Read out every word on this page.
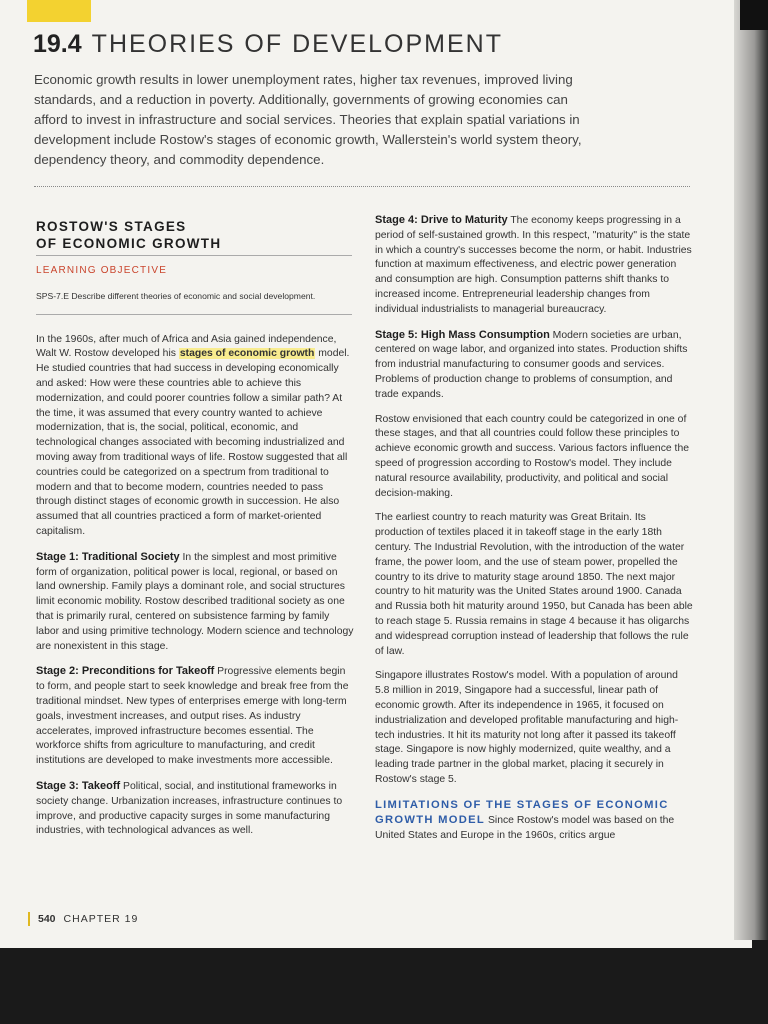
19.4 THEORIES OF DEVELOPMENT

Economic growth results in lower unemployment rates, higher tax revenues, improved living standards, and a reduction in poverty. Additionally, governments of growing economies can afford to invest in infrastructure and social services. Theories that explain spatial variations in development include Rostow's stages of economic growth, Wallerstein's world system theory, dependency theory, and commodity dependence.

ROSTOW'S STAGES
OF ECONOMIC GROWTH

LEARNING OBJECTIVE

SPS-7.E Describe different theories of economic and social development.

In the 1960s, after much of Africa and Asia gained independence, Walt W. Rostow developed his stages of economic growth model. He studied countries that had success in developing economically and asked: How were these countries able to achieve this modernization, and could poorer countries follow a similar path? At the time, it was assumed that every country wanted to achieve modernization, that is, the social, political, economic, and technological changes associated with becoming industrialized and moving away from traditional ways of life. Rostow suggested that all countries could be categorized on a spectrum from traditional to modern and that to become modern, countries needed to pass through distinct stages of economic growth in succession. He also assumed that all countries practiced a form of market-oriented capitalism.

Stage 1: Traditional Society In the simplest and most primitive form of organization, political power is local, regional, or based on land ownership. Family plays a dominant role, and social structures limit economic mobility. Rostow described traditional society as one that is primarily rural, centered on subsistence farming by family labor and using primitive technology. Modern science and technology are nonexistent in this stage.

Stage 2: Preconditions for Takeoff Progressive elements begin to form, and people start to seek knowledge and break free from the traditional mindset. New types of enterprises emerge with long-term goals, investment increases, and output rises. As industry accelerates, improved infrastructure becomes essential. The workforce shifts from agriculture to manufacturing, and credit institutions are developed to make investments more accessible.

Stage 3: Takeoff Political, social, and institutional frameworks in society change. Urbanization increases, infrastructure continues to improve, and productive capacity surges in some manufacturing industries, with technological advances as well.

Stage 4: Drive to Maturity The economy keeps progressing in a period of self-sustained growth. In this respect, "maturity" is the state in which a country's successes become the norm, or habit. Industries function at maximum effectiveness, and electric power generation and consumption are high. Consumption patterns shift thanks to increased income. Entrepreneurial leadership changes from individual industrialists to managerial bureaucracy.

Stage 5: High Mass Consumption Modern societies are urban, centered on wage labor, and organized into states. Production shifts from industrial manufacturing to consumer goods and services. Problems of production change to problems of consumption, and trade expands.

Rostow envisioned that each country could be categorized in one of these stages, and that all countries could follow these principles to achieve economic growth and success. Various factors influence the speed of progression according to Rostow's model. They include natural resource availability, productivity, and political and social decision-making.

The earliest country to reach maturity was Great Britain. Its production of textiles placed it in takeoff stage in the early 18th century. The Industrial Revolution, with the introduction of the water frame, the power loom, and the use of steam power, propelled the country to its drive to maturity stage around 1850. The next major country to hit maturity was the United States around 1900. Canada and Russia both hit maturity around 1950, but Canada has been able to reach stage 5. Russia remains in stage 4 because it has oligarchs and widespread corruption instead of leadership that follows the rule of law.

Singapore illustrates Rostow's model. With a population of around 5.8 million in 2019, Singapore had a successful, linear path of economic growth. After its independence in 1965, it focused on industrialization and developed profitable manufacturing and high-tech industries. It hit its maturity not long after it passed its takeoff stage. Singapore is now highly modernized, quite wealthy, and a leading trade partner in the global market, placing it securely in Rostow's stage 5.

LIMITATIONS OF THE STAGES OF ECONOMIC GROWTH MODEL Since Rostow's model was based on the United States and Europe in the 1960s, critics argue

540 CHAPTER 19
